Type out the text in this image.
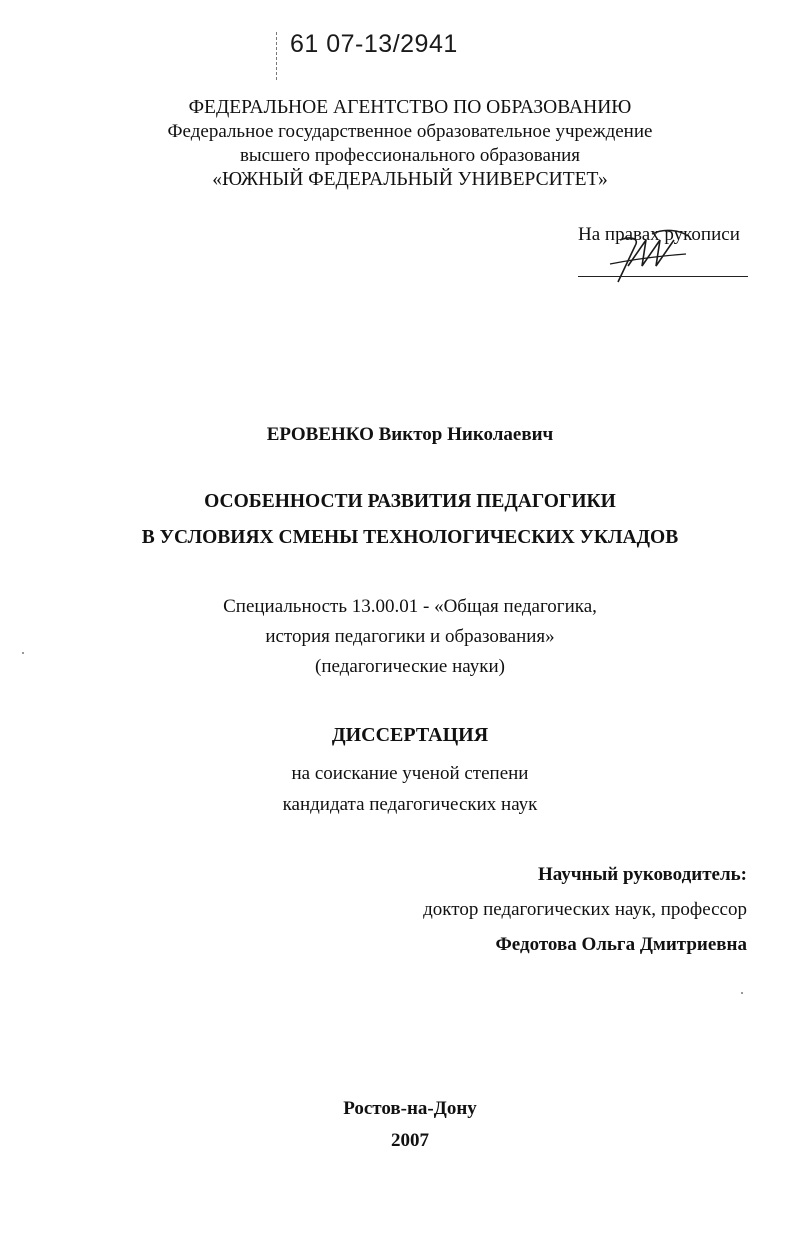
61 07-13/2941
ФЕДЕРАЛЬНОЕ АГЕНТСТВО ПО ОБРАЗОВАНИЮ
Федеральное государственное образовательное учреждение
высшего профессионального образования
«ЮЖНЫЙ ФЕДЕРАЛЬНЫЙ УНИВЕРСИТЕТ»
На правах рукописи
ЕРОВЕНКО Виктор Николаевич
ОСОБЕННОСТИ РАЗВИТИЯ ПЕДАГОГИКИ
В УСЛОВИЯХ СМЕНЫ ТЕХНОЛОГИЧЕСКИХ УКЛАДОВ
Специальность 13.00.01 - «Общая педагогика,
история педагогики и образования»
(педагогические науки)
ДИССЕРТАЦИЯ
на соискание ученой степени
кандидата педагогических наук
Научный руководитель:
доктор педагогических наук, профессор
Федотова Ольга Дмитриевна
Ростов-на-Дону
2007
